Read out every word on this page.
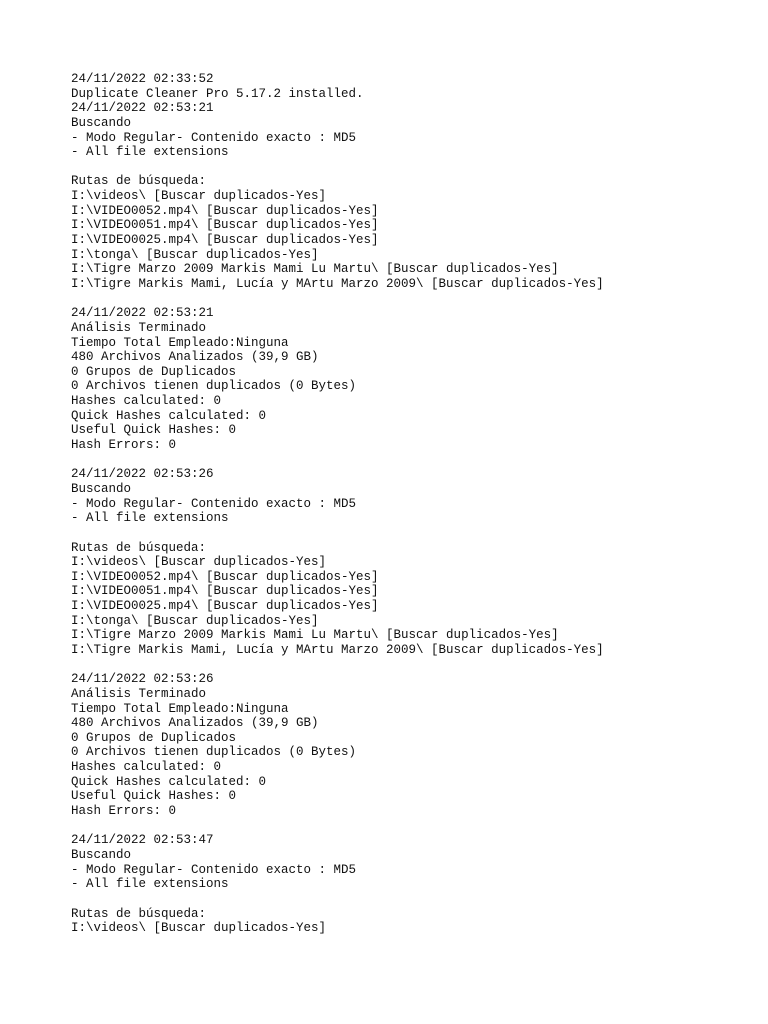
24/11/2022 02:33:52
Duplicate Cleaner Pro 5.17.2 installed.
24/11/2022 02:53:21
Buscando
- Modo Regular- Contenido exacto : MD5
- All file extensions
Rutas de búsqueda:
I:\videos\ [Buscar duplicados-Yes]
I:\VIDEO0052.mp4\ [Buscar duplicados-Yes]
I:\VIDEO0051.mp4\ [Buscar duplicados-Yes]
I:\VIDEO0025.mp4\ [Buscar duplicados-Yes]
I:\tonga\ [Buscar duplicados-Yes]
I:\Tigre Marzo 2009 Markis Mami Lu Martu\ [Buscar duplicados-Yes]
I:\Tigre Markis Mami, Lucía y MArtu Marzo 2009\ [Buscar duplicados-Yes]
24/11/2022 02:53:21
Análisis Terminado
Tiempo Total Empleado:Ninguna
480 Archivos Analizados (39,9 GB)
0 Grupos de Duplicados
0 Archivos tienen duplicados (0 Bytes)
Hashes calculated: 0
Quick Hashes calculated: 0
Useful Quick Hashes: 0
Hash Errors: 0
24/11/2022 02:53:26
Buscando
- Modo Regular- Contenido exacto : MD5
- All file extensions
Rutas de búsqueda:
I:\videos\ [Buscar duplicados-Yes]
I:\VIDEO0052.mp4\ [Buscar duplicados-Yes]
I:\VIDEO0051.mp4\ [Buscar duplicados-Yes]
I:\VIDEO0025.mp4\ [Buscar duplicados-Yes]
I:\tonga\ [Buscar duplicados-Yes]
I:\Tigre Marzo 2009 Markis Mami Lu Martu\ [Buscar duplicados-Yes]
I:\Tigre Markis Mami, Lucía y MArtu Marzo 2009\ [Buscar duplicados-Yes]
24/11/2022 02:53:26
Análisis Terminado
Tiempo Total Empleado:Ninguna
480 Archivos Analizados (39,9 GB)
0 Grupos de Duplicados
0 Archivos tienen duplicados (0 Bytes)
Hashes calculated: 0
Quick Hashes calculated: 0
Useful Quick Hashes: 0
Hash Errors: 0
24/11/2022 02:53:47
Buscando
- Modo Regular- Contenido exacto : MD5
- All file extensions
Rutas de búsqueda:
I:\videos\ [Buscar duplicados-Yes]
